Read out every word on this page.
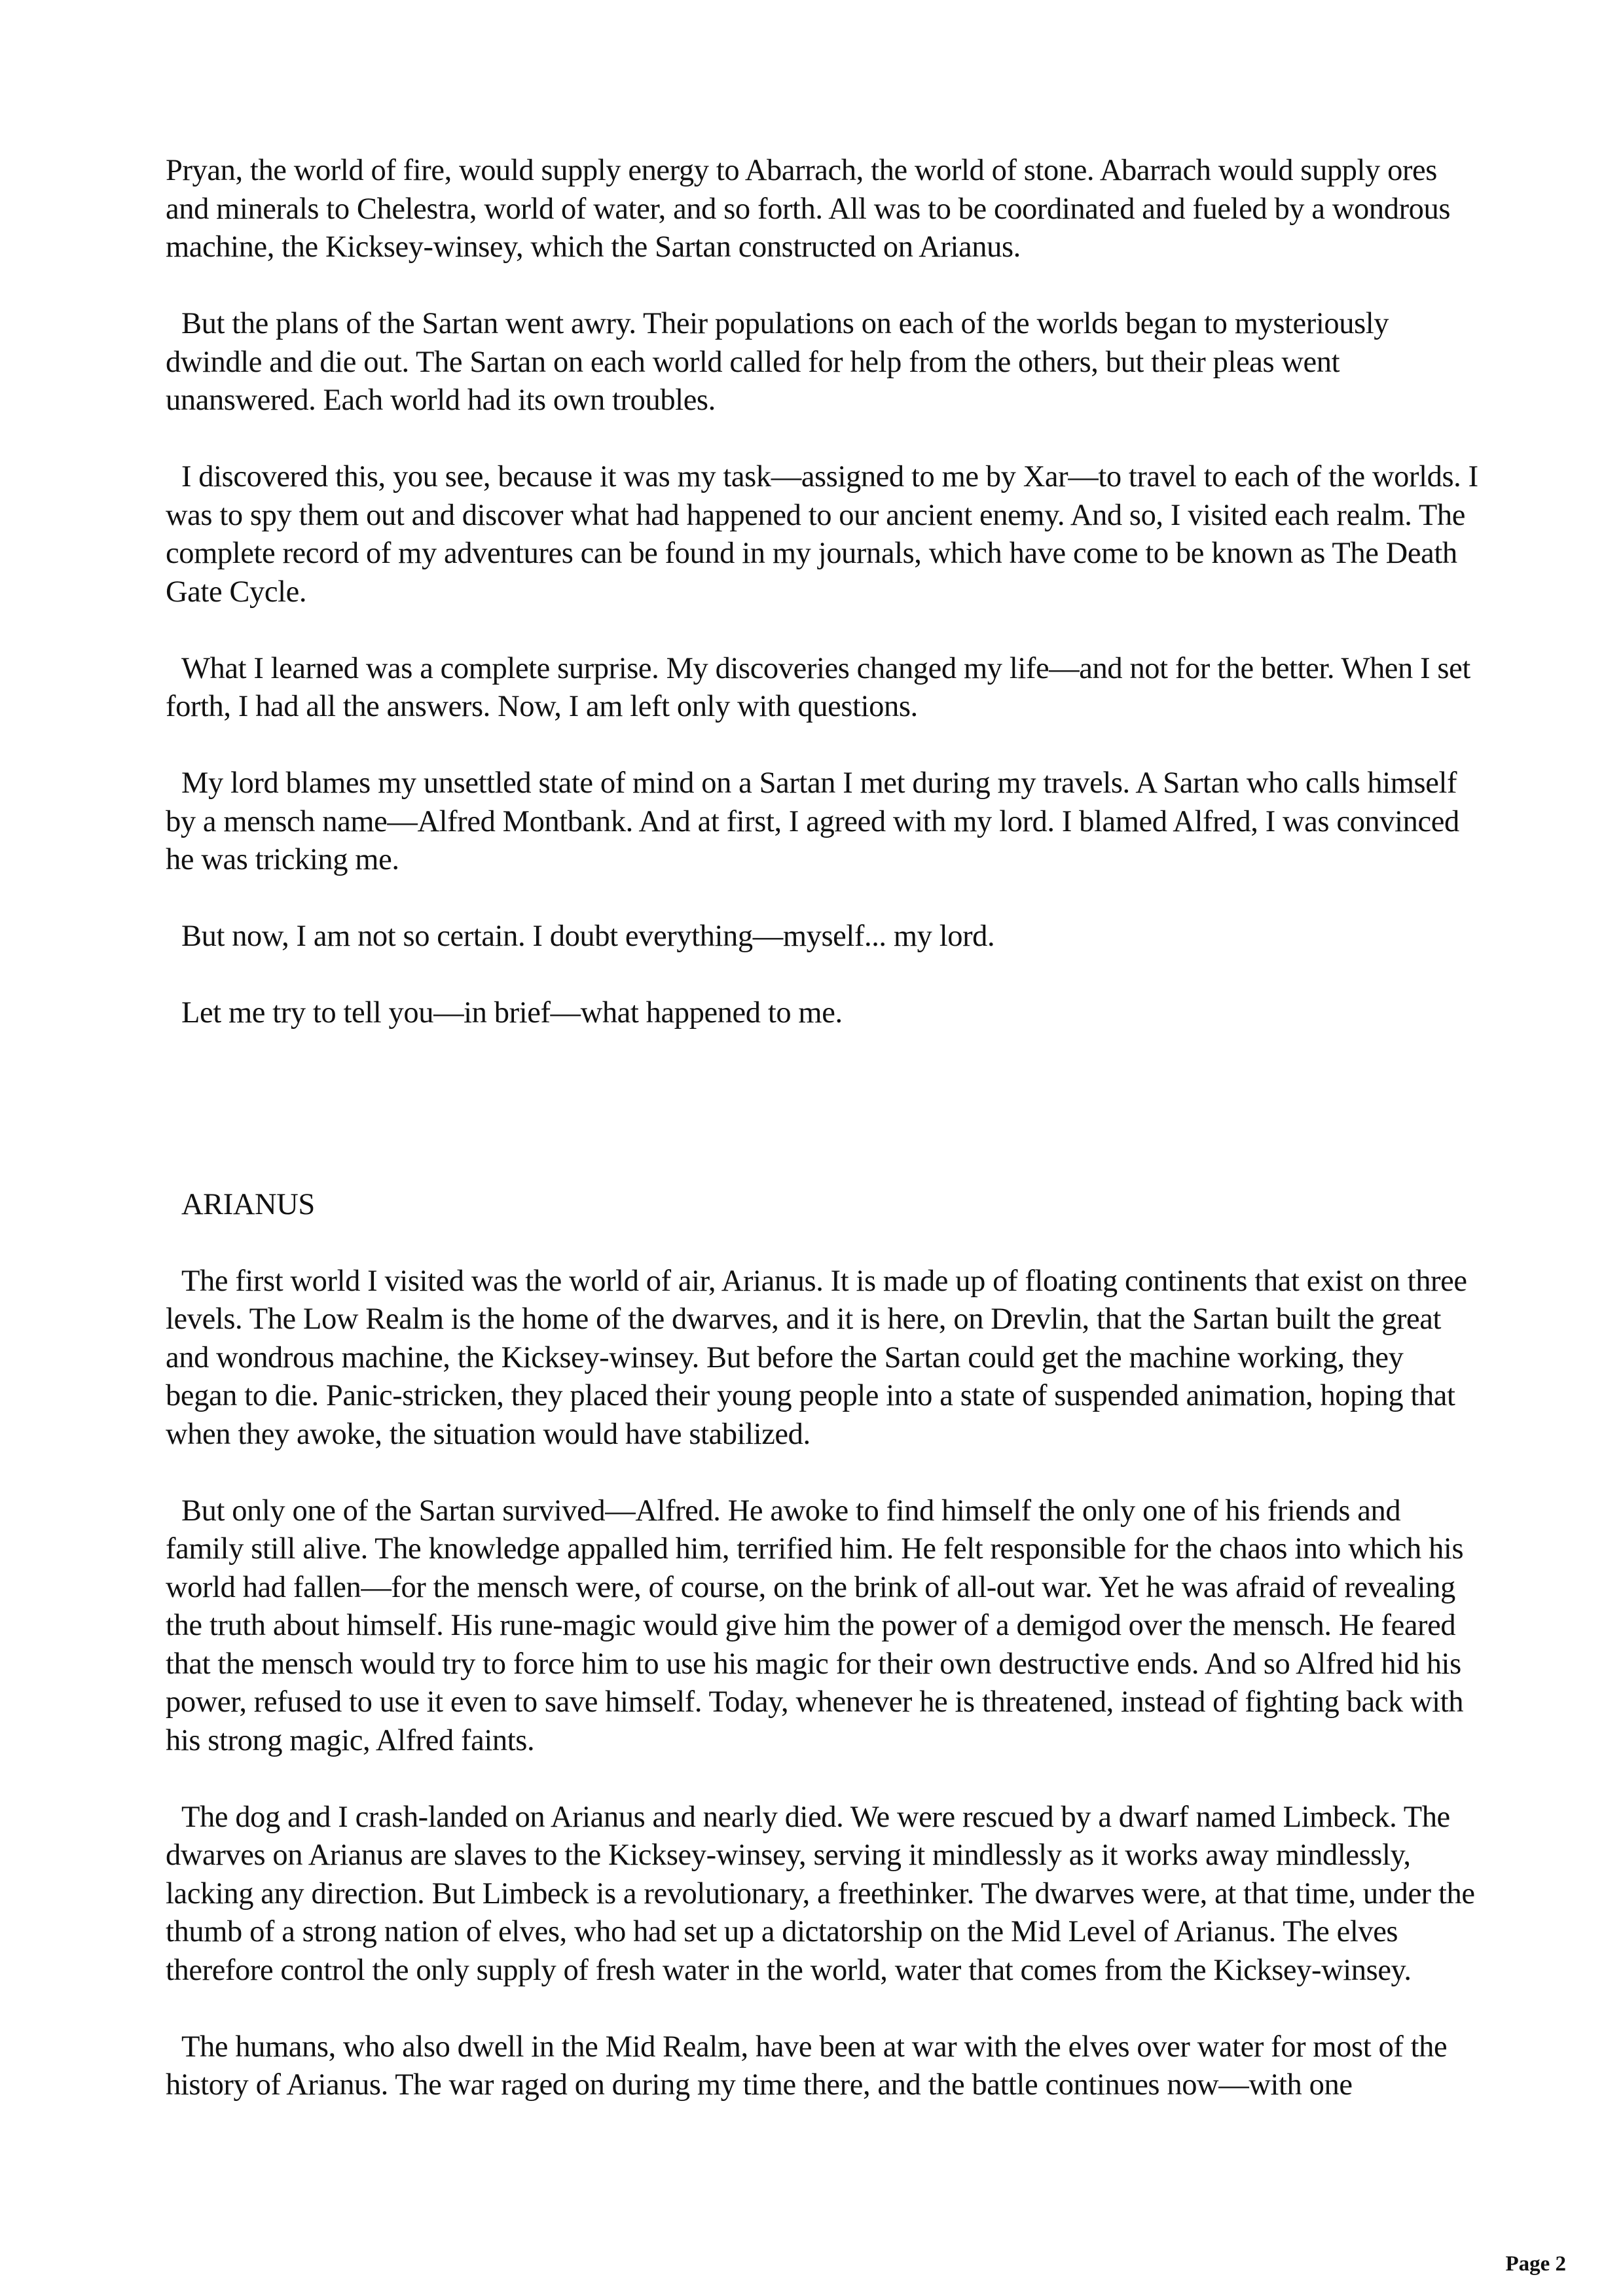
Pryan, the world of fire, would supply energy to Abarrach, the world of stone. Abarrach would supply ores and minerals to Chelestra, world of water, and so forth. All was to be coordinated and fueled by a wondrous machine, the Kicksey-winsey, which the Sartan constructed on Arianus.

But the plans of the Sartan went awry. Their populations on each of the worlds began to mysteriously dwindle and die out. The Sartan on each world called for help from the others, but their pleas went unanswered. Each world had its own troubles.

I discovered this, you see, because it was my task—assigned to me by Xar—to travel to each of the worlds. I was to spy them out and discover what had happened to our ancient enemy. And so, I visited each realm. The complete record of my adventures can be found in my journals, which have come to be known as The Death Gate Cycle.

What I learned was a complete surprise. My discoveries changed my life—and not for the better. When I set forth, I had all the answers. Now, I am left only with questions.

My lord blames my unsettled state of mind on a Sartan I met during my travels. A Sartan who calls himself by a mensch name—Alfred Montbank. And at first, I agreed with my lord. I blamed Alfred, I was convinced he was tricking me.

But now, I am not so certain. I doubt everything—myself... my lord.

Let me try to tell you—in brief—what happened to me.

ARIANUS

The first world I visited was the world of air, Arianus. It is made up of floating continents that exist on three levels. The Low Realm is the home of the dwarves, and it is here, on Drevlin, that the Sartan built the great and wondrous machine, the Kicksey-winsey. But before the Sartan could get the machine working, they began to die. Panic-stricken, they placed their young people into a state of suspended animation, hoping that when they awoke, the situation would have stabilized.

But only one of the Sartan survived—Alfred. He awoke to find himself the only one of his friends and family still alive. The knowledge appalled him, terrified him. He felt responsible for the chaos into which his world had fallen—for the mensch were, of course, on the brink of all-out war. Yet he was afraid of revealing the truth about himself. His rune-magic would give him the power of a demigod over the mensch. He feared that the mensch would try to force him to use his magic for their own destructive ends. And so Alfred hid his power, refused to use it even to save himself. Today, whenever he is threatened, instead of fighting back with his strong magic, Alfred faints.

The dog and I crash-landed on Arianus and nearly died. We were rescued by a dwarf named Limbeck. The dwarves on Arianus are slaves to the Kicksey-winsey, serving it mindlessly as it works away mindlessly, lacking any direction. But Limbeck is a revolutionary, a freethinker. The dwarves were, at that time, under the thumb of a strong nation of elves, who had set up a dictatorship on the Mid Level of Arianus. The elves therefore control the only supply of fresh water in the world, water that comes from the Kicksey-winsey.

The humans, who also dwell in the Mid Realm, have been at war with the elves over water for most of the history of Arianus. The war raged on during my time there, and the battle continues now—with one

Page 2
